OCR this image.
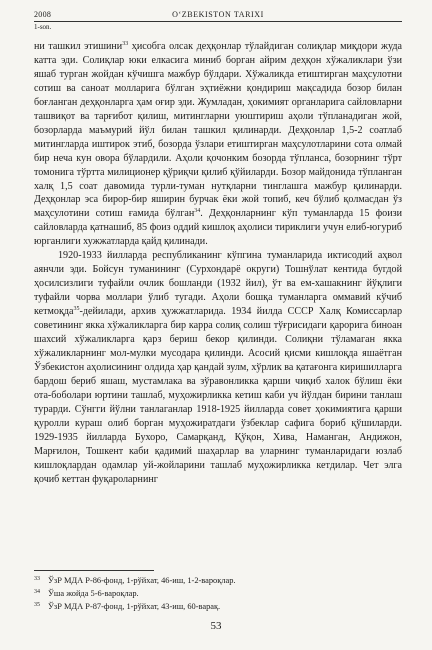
2008	O‘ZBEKISTON TARIXI
1-son.

ни ташкил этишини$^{33}$ ҳисобга олсак деҳқонлар тўлайдиган солиқлар миқдори жуда катта эди. Солиқлар юки елкасига миниб борган айрим деҳқон хўжаликлари ўзи яшаб турган жойдан кўчишга мажбур бўлдари. Хўжаликда етиштирган маҳсулотни сотиш ва саноат молларига бўлган эҳтиёжни қондириш мақсадида бозор билан боғланган деҳқонларга ҳам оғир эди. Жумладан, ҳокимият органларига сайловларни ташвиқот ва тарғибот қилиш, митингларни уюштириш аҳоли тўпланадиган жой, бозорларда маъмурий йўл билан ташкил қилинарди. Деҳқонлар 1,5-2 соатлаб митингларда иштирок этиб, бозорда ўзлари етиштирган маҳсулотларини сота олмай бир неча кун овора бўлардили. Аҳоли қочонким бозорда тўпланса, бозорнинг тўрт томонига тўртта милиционер қўриқчи қилиб қўйиларди. Бозор майдонида тўпланган халқ 1,5 соат давомида турли-туман нутқларни тинглашга мажбур қилинарди. Деҳқонлар эса бирор-бир яширин бурчак ёки жой топиб, кеч бўлиб қолмасдан ўз маҳсулотини сотиш ғамида бўлган$^{34}$. Деҳқонларнинг кўп туманларда 15 фоизи сайловларда қатнашиб, 85 фоиз оддий кишлоқ аҳолиси тириклиги учун елиб-югуриб юрганлиги хужжатларда қайд қилинади.

1920-1933 йилларда республиканинг кўпгина туманларида иктисодий аҳвол аянчли эди. Бойсун туманининг (Сурхондарё округи) Тошнўлат кентида бугдой ҳосилсизлиги туфайли очлик бошланди (1932 йил), ўт ва ем-хашакнинг йўқлиги туфайли чорва моллари ўлиб тугади. Аҳоли бошқа туманларга оммавий кўчиб кетмоқда$^{35}$-дейилади, архив ҳужжатларида. 1934 йилда СССР Халқ Комиссарлар советининг якка хўжаликларга бир карра солиқ солиш тўғрисидаги қарорига биноан шахсий хўжаликларга қарз бериш бекор қилинди. Солиқни тўламаган якка хўжаликларнинг мол-мулки мусодара қилинди. Асосий қисми кишлоқда яшаётган Ўзбекистон аҳолисининг олдида ҳар қандай зулм, хўрлик ва қатағонга киришилларга бардош бериб яшаш, мустамлака ва зўравонликка қарши чиқиб халок бўлиш ёки ота-боболари юртини ташлаб, муҳожирликка кетиш каби уч йўлдан бирини танлаш турарди. Сўнгги йўлни танлаганлар 1918-1925 йилларда совет ҳокимиятига қарши қуролли кураш олиб борган муҳожиратдаги ўзбеклар сафига бориб қўшиларди. 1929-1935 йилларда Бухоро, Самарқанд, Қўқон, Хива, Наманган, Андижон, Марғилон, Тошкент каби қадимий шаҳарлар ва уларнинг туманларидаги юзлаб кишлоқлардан одамлар уй-жойларини ташлаб муҳожирликка кетдилар. Чет элга қочиб кеттан фуқароларнинг

33 ЎзР МДА Р-86-фонд, 1-рўйхат, 46-иш, 1-2-вароқлар.
34 Ўша жойда 5-6-вароқлар.
35 ЎзР МДА Р-87-фонд, 1-рўйхат, 43-иш, 60-варақ.
53
